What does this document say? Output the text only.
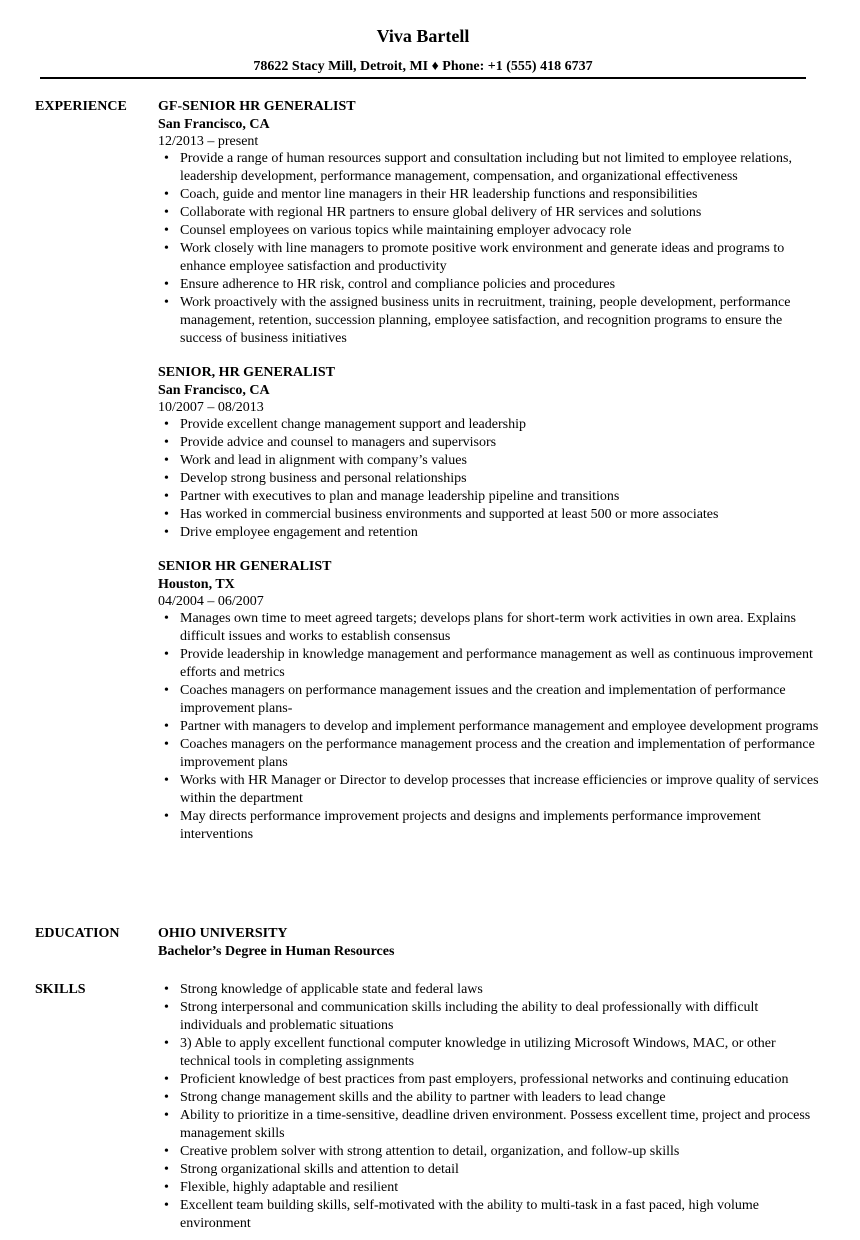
Viva Bartell
78622 Stacy Mill, Detroit, MI ♦ Phone: +1 (555) 418 6737
EXPERIENCE GF-SENIOR HR GENERALIST
San Francisco, CA
12/2013 – present
• Provide a range of human resources support and consultation including but not limited to employee relations, leadership development, performance management, compensation, and organizational effectiveness
• Coach, guide and mentor line managers in their HR leadership functions and responsibilities
• Collaborate with regional HR partners to ensure global delivery of HR services and solutions
• Counsel employees on various topics while maintaining employer advocacy role
• Work closely with line managers to promote positive work environment and generate ideas and programs to enhance employee satisfaction and productivity
• Ensure adherence to HR risk, control and compliance policies and procedures
• Work proactively with the assigned business units in recruitment, training, people development, performance management, retention, succession planning, employee satisfaction, and recognition programs to ensure the success of business initiatives
SENIOR, HR GENERALIST
San Francisco, CA
10/2007 – 08/2013
• Provide excellent change management support and leadership
• Provide advice and counsel to managers and supervisors
• Work and lead in alignment with company’s values
• Develop strong business and personal relationships
• Partner with executives to plan and manage leadership pipeline and transitions
• Has worked in commercial business environments and supported at least 500 or more associates
• Drive employee engagement and retention
SENIOR HR GENERALIST
Houston, TX
04/2004 – 06/2007
• Manages own time to meet agreed targets; develops plans for short-term work activities in own area. Explains difficult issues and works to establish consensus
• Provide leadership in knowledge management and performance management as well as continuous improvement efforts and metrics
• Coaches managers on performance management issues and the creation and implementation of performance improvement plans-
• Partner with managers to develop and implement performance management and employee development programs
• Coaches managers on the performance management process and the creation and implementation of performance improvement plans
• Works with HR Manager or Director to develop processes that increase efficiencies or improve quality of services within the department
• May directs performance improvement projects and designs and implements performance improvement interventions
EDUCATION	OHIO UNIVERSITY
Bachelor’s Degree in Human Resources
SKILLS
•	Strong knowledge of applicable state and federal laws
• Strong interpersonal and communication skills including the ability to deal professionally with difficult individuals and problematic situations
• 3) Able to apply excellent functional computer knowledge in utilizing Microsoft Windows, MAC, or other technical tools in completing assignments
• Proficient knowledge of best practices from past employers, professional networks and continuing education
• Strong change management skills and the ability to partner with leaders to lead change
• Ability to prioritize in a time-sensitive, deadline driven environment. Possess excellent time, project and process management skills
• Creative problem solver with strong attention to detail, organization, and follow-up skills
• Strong organizational skills and attention to detail
• Flexible, highly adaptable and resilient
• Excellent team building skills, self-motivated with the ability to multi-task in a fast paced, high volume environment
